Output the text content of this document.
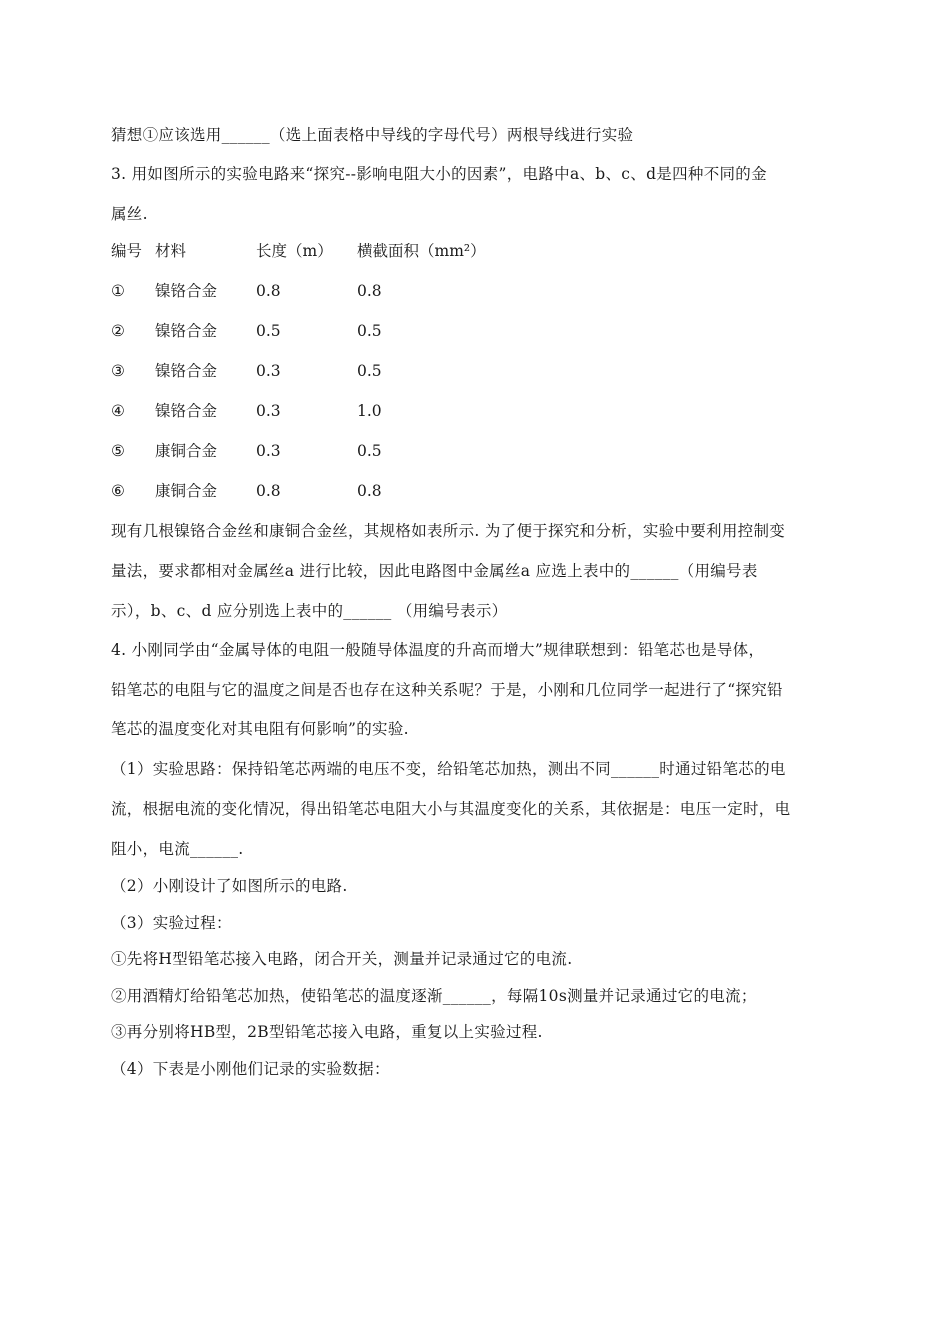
猜想①应该选用______（选上面表格中导线的字母代号）两根导线进行实验
3. 用如图所示的实验电路来“探究--影响电阻大小的因素”，电路中a、b、c、d是四种不同的金
属丝.
编号 材料	长度（m） 横截面积（mm²）
① 镍铬合金	0.8	0.8
② 镍铬合金	0.5	0.5
③ 镍铬合金	0.3	0.5
④ 镍铬合金	0.3	1.0
⑤ 康铜合金	0.3	0.5
⑥ 康铜合金	0.8	0.8
现有几根镍铬合金丝和康铜合金丝，其规格如表所示. 为了便于探究和分析，实验中要利用控制变
量法，要求都相对金属丝a 进行比较，因此电路图中金属丝a 应选上表中的______（用编号表
示），b、c、d 应分别选上表中的______ （用编号表示）
4. 小刚同学由“金属导体的电阻一般随导体温度的升高而增大”规律联想到：铅笔芯也是导体，
铅笔芯的电阻与它的温度之间是否也存在这种关系呢？于是，小刚和几位同学一起进行了“探究铅
笔芯的温度变化对其电阻有何影响”的实验.
（1）实验思路：保持铅笔芯两端的电压不变，给铅笔芯加热，测出不同______时通过铅笔芯的电
流，根据电流的变化情况，得出铅笔芯电阻大小与其温度变化的关系，其依据是：电压一定时，电
阻小，电流______.
（2）小刚设计了如图所示的电路.
（3）实验过程：
①先将H型铅笔芯接入电路，闭合开关，测量并记录通过它的电流.
②用酒精灯给铅笔芯加热，使铅笔芯的温度逐渐______，每隔10s测量并记录通过它的电流；
③再分别将HB型，2B型铅笔芯接入电路，重复以上实验过程.
（4）下表是小刚他们记录的实验数据：
